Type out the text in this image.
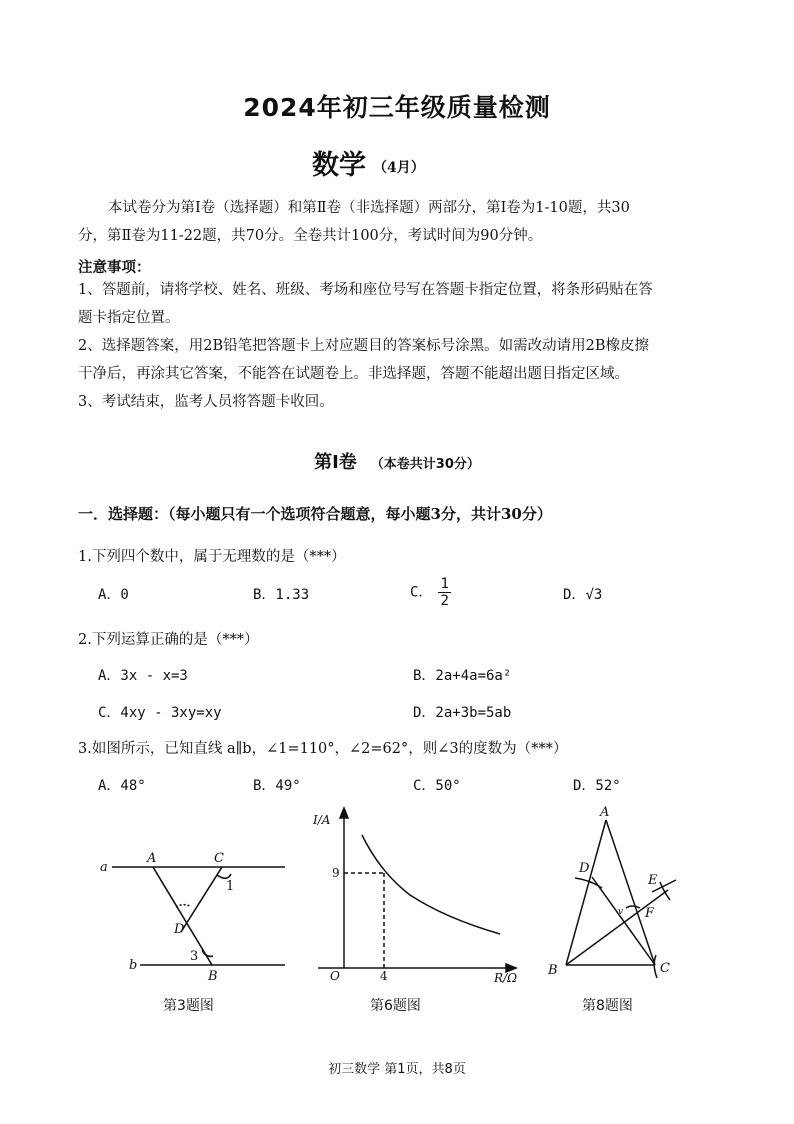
2024年初三年级质量检测
数学 （4月）
本试卷分为第Ⅰ卷（选择题）和第Ⅱ卷（非选择题）两部分，第Ⅰ卷为1-10题，共30
分，第Ⅱ卷为11-22题，共70分。全卷共计100分，考试时间为90分钟。
注意事项：
1、答题前，请将学校、姓名、班级、考场和座位号写在答题卡指定位置，将条形码贴在答
题卡指定位置。
2、选择题答案，用2B铅笔把答题卡上对应题目的答案标号涂黑。如需改动请用2B橡皮擦
干净后，再涂其它答案，不能答在试题卷上。非选择题，答题不能超出题目指定区域。
3、考试结束，监考人员将答题卡收回。
第Ⅰ卷 （本卷共计30分）
一．选择题：（每小题只有一个选项符合题意，每小题3分，共计30分）
1.下列四个数中，属于无理数的是（***）
A．0	B．1.33	C． $\frac{1}{2}$	D．√3
2.下列运算正确的是（***）
A．3x - x=3	B．2a+4a=6a²
C．4xy - 3xy=xy	D．2a+3b=5ab
3.如图所示，已知直线 a∥b，∠1=110°，∠2=62°，则∠3的度数为（***）
A．48°	B．49°	C．50°	D．52°
a
b
A	C
D
B
1
3
I/A
R/Ω
O
9
4
A
B	C
D
E
F
v
第3题图	第6题图	第8题图
初三数学 第1页，共8页
